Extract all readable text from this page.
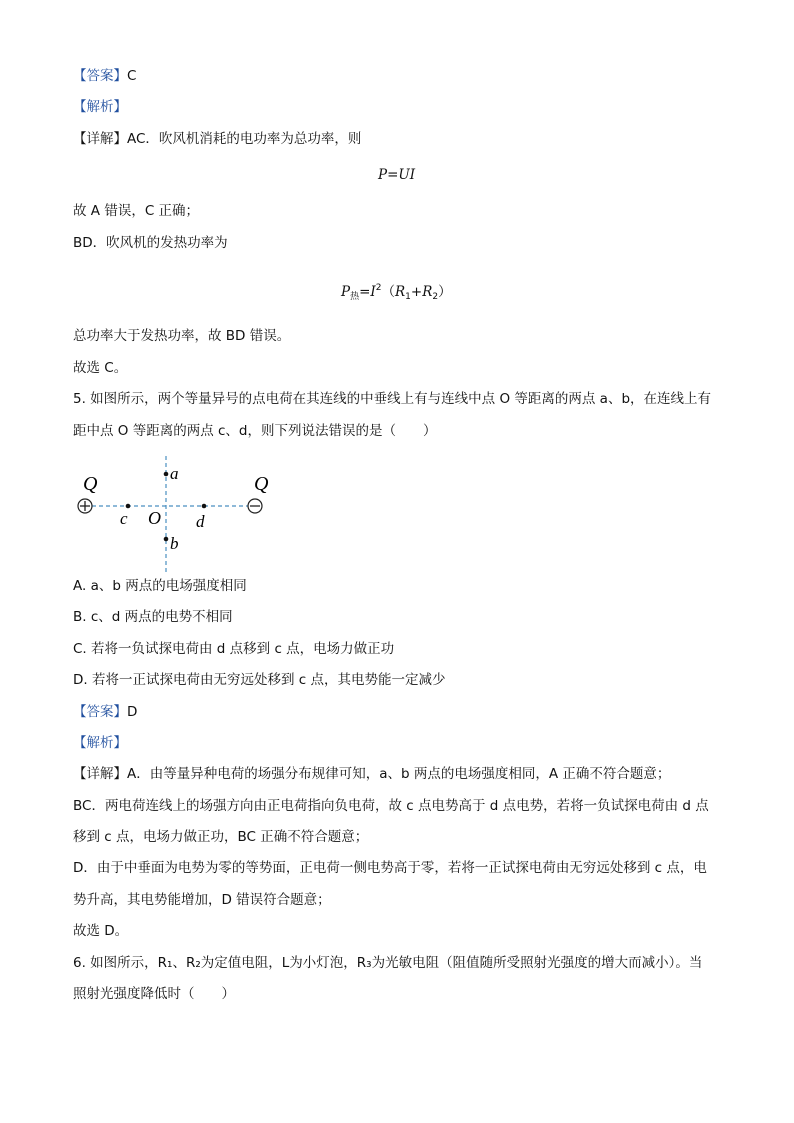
【答案】C
【解析】
【详解】AC．吹风机消耗的电功率为总功率，则
P=UI
故 A 错误，C 正确；
BD．吹风机的发热功率为
$P_热=I^2(R_1+R_2)$
总功率大于发热功率，故 BD 错误。
故选 C。
5. 如图所示，两个等量异号的点电荷在其连线的中垂线上有与连线中点 O 等距离的两点 a、b，在连线上有
距中点 O 等距离的两点 c、d，则下列说法错误的是（　　）
Q	Q
a
b
c	d
O
A. a、b 两点的电场强度相同
B. c、d 两点的电势不相同
C. 若将一负试探电荷由 d 点移到 c 点，电场力做正功
D. 若将一正试探电荷由无穷远处移到 c 点，其电势能一定减少
【答案】D
【解析】
【详解】A．由等量异种电荷的场强分布规律可知，a、b 两点的电场强度相同，A 正确不符合题意；
BC．两电荷连线上的场强方向由正电荷指向负电荷，故 c 点电势高于 d 点电势，若将一负试探电荷由 d 点
移到 c 点，电场力做正功，BC 正确不符合题意；
D．由于中垂面为电势为零的等势面，正电荷一侧电势高于零，若将一正试探电荷由无穷远处移到 c 点，电
势升高，其电势能增加，D 错误符合题意；
故选 D。
6. 如图所示，R₁、R₂为定值电阻，L为小灯泡，R₃为光敏电阻（阻值随所受照射光强度的增大而减小）。当
照射光强度降低时（　　）
